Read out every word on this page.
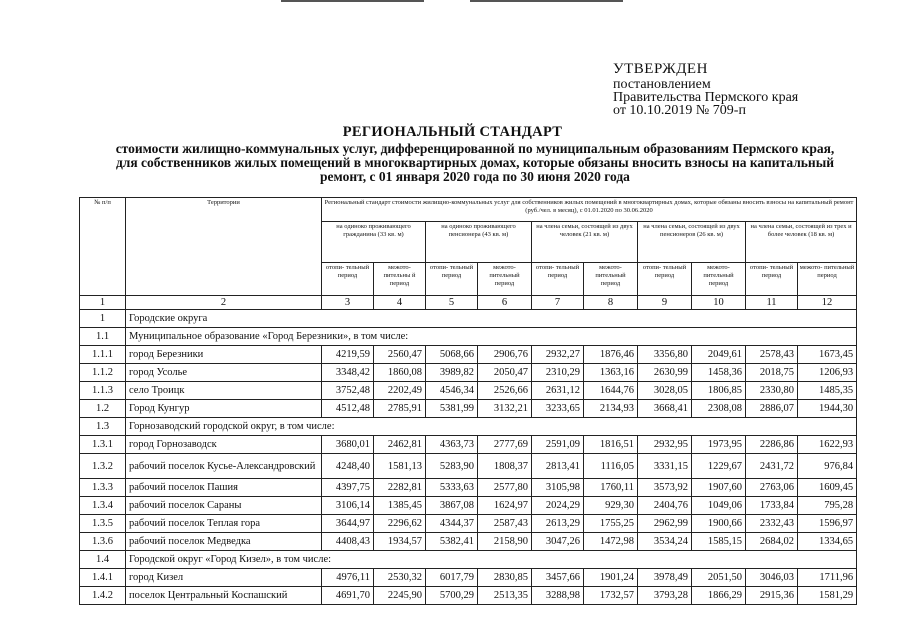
УТВЕРЖДЕН
постановлением
Правительства Пермского края
от 10.10.2019 № 709-п
РЕГИОНАЛЬНЫЙ СТАНДАРТ
стоимости жилищно-коммунальных услуг, дифференцированной по муниципальным образованиям Пермского края, для собственников жилых помещений в многоквартирных домах, которые обязаны вносить взносы на капитальный ремонт, с 01 января 2020 года по 30 июня 2020 года
№ п/п	Территории	Региональный стандарт стоимости жилищно-коммунальных услуг для собственников жилых помещений в многоквартирных домах, которые обязаны вносить взносы на капитальный ремонт (руб./чел. в месяц), с 01.01.2020 по 30.06.2020									
		на одиноко проживающего гражданина (33 кв. м)		на одиноко проживающего пенсионера (43 кв. м)		на члена семьи, состоящей из двух человек (21 кв. м)		на члена семьи, состоящей из двух пенсионеров (26 кв. м)		на члена семьи, состоящей из трех и более человек (18 кв. м)	
		отопи- тельный период	межото- пительны й период	отопи- тельный период	межото- пительный период	отопи- тельный период	межото- пительный период	отопи- тельный период	межото- пительный период	отопи- тельный период	межото- пительный период
1	2	3	4	5	6	7	8	9	10	11	12
1	Городские округа										
1.1	Муниципальное образование «Город Березники», в том числе:										
1.1.1	город Березники	4219,59	2560,47	5068,66	2906,76	2932,27	1876,46	3356,80	2049,61	2578,43	1673,45
1.1.2	город Усолье	3348,42	1860,08	3989,82	2050,47	2310,29	1363,16	2630,99	1458,36	2018,75	1206,93
1.1.3	село Троицк	3752,48	2202,49	4546,34	2526,66	2631,12	1644,76	3028,05	1806,85	2330,80	1485,35
1.2	Город Кунгур	4512,48	2785,91	5381,99	3132,21	3233,65	2134,93	3668,41	2308,08	2886,07	1944,30
1.3	Горнозаводский городской округ, в том числе:										
1.3.1	город Горнозаводск	3680,01	2462,81	4363,73	2777,69	2591,09	1816,51	2932,95	1973,95	2286,86	1622,93
1.3.2	рабочий поселок Кусье-Александровский	4248,40	1581,13	5283,90	1808,37	2813,41	1116,05	3331,15	1229,67	2431,72	976,84
1.3.3	рабочий поселок Пашия	4397,75	2282,81	5333,63	2577,80	3105,98	1760,11	3573,92	1907,60	2763,06	1609,45
1.3.4	рабочий поселок Сараны	3106,14	1385,45	3867,08	1624,97	2024,29	929,30	2404,76	1049,06	1733,84	795,28
1.3.5	рабочий поселок Теплая гора	3644,97	2296,62	4344,37	2587,43	2613,29	1755,25	2962,99	1900,66	2332,43	1596,97
1.3.6	рабочий поселок Медведка	4408,43	1934,57	5382,41	2158,90	3047,26	1472,98	3534,24	1585,15	2684,02	1334,65
1.4	Городской округ «Город Кизел», в том числе:										
1.4.1	город Кизел	4976,11	2530,32	6017,79	2830,85	3457,66	1901,24	3978,49	2051,50	3046,03	1711,96
1.4.2	поселок Центральный Коспашский	4691,70	2245,90	5700,29	2513,35	3288,98	1732,57	3793,28	1866,29	2915,36	1581,29
